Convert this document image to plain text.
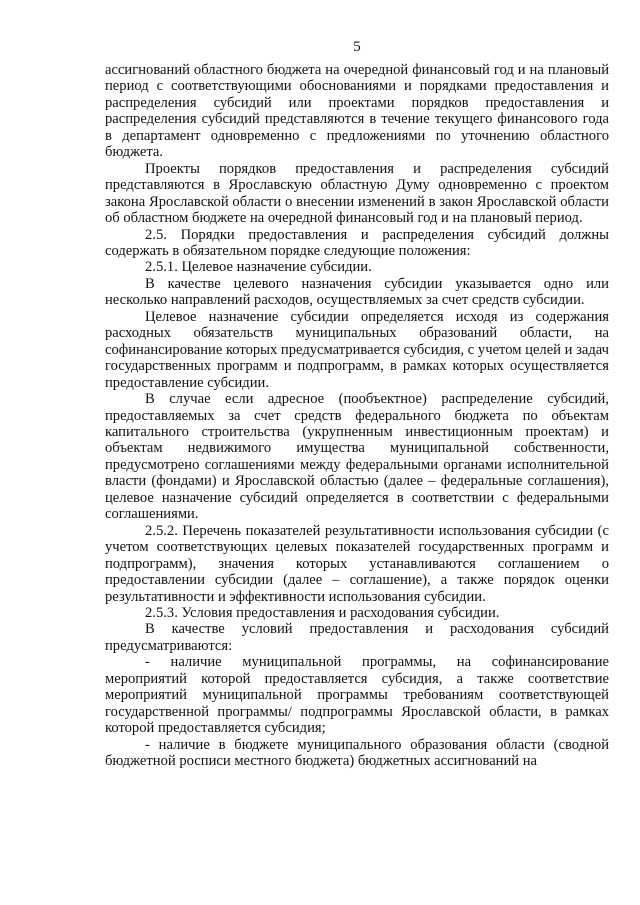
5

ассигнований областного бюджета на очередной финансовый год и на плановый период с соответствующими обоснованиями и порядками предоставления и распределения субсидий или проектами порядков предоставления и распределения субсидий представляются в течение текущего финансового года в департамент одновременно с предложениями по уточнению областного бюджета.

Проекты порядков предоставления и распределения субсидий представляются в Ярославскую областную Думу одновременно с проектом закона Ярославской области о внесении изменений в закон Ярославской области об областном бюджете на очередной финансовый год и на плановый период.

2.5. Порядки предоставления и распределения субсидий должны содержать в обязательном порядке следующие положения:

2.5.1. Целевое назначение субсидии.

В качестве целевого назначения субсидии указывается одно или несколько направлений расходов, осуществляемых за счет средств субсидии.

Целевое назначение субсидии определяется исходя из содержания расходных обязательств муниципальных образований области, на софинансирование которых предусматривается субсидия, с учетом целей и задач государственных программ и подпрограмм, в рамках которых осуществляется предоставление субсидии.

В случае если адресное (пообъектное) распределение субсидий, предоставляемых за счет средств федерального бюджета по объектам капитального строительства (укрупненным инвестиционным проектам) и объектам недвижимого имущества муниципальной собственности, предусмотрено соглашениями между федеральными органами исполнительной власти (фондами) и Ярославской областью (далее – федеральные соглашения), целевое назначение субсидий определяется в соответствии с федеральными соглашениями.

2.5.2. Перечень показателей результативности использования субсидии (с учетом соответствующих целевых показателей государственных программ и подпрограмм), значения которых устанавливаются соглашением о предоставлении субсидии (далее – соглашение), а также порядок оценки результативности и эффективности использования субсидии.

2.5.3. Условия предоставления и расходования субсидии.

В качестве условий предоставления и расходования субсидий предусматриваются:

- наличие муниципальной программы, на софинансирование мероприятий которой предоставляется субсидия, а также соответствие мероприятий муниципальной программы требованиям соответствующей государственной программы/ подпрограммы Ярославской области, в рамках которой предоставляется субсидия;

- наличие в бюджете муниципального образования области (сводной бюджетной росписи местного бюджета) бюджетных ассигнований на
